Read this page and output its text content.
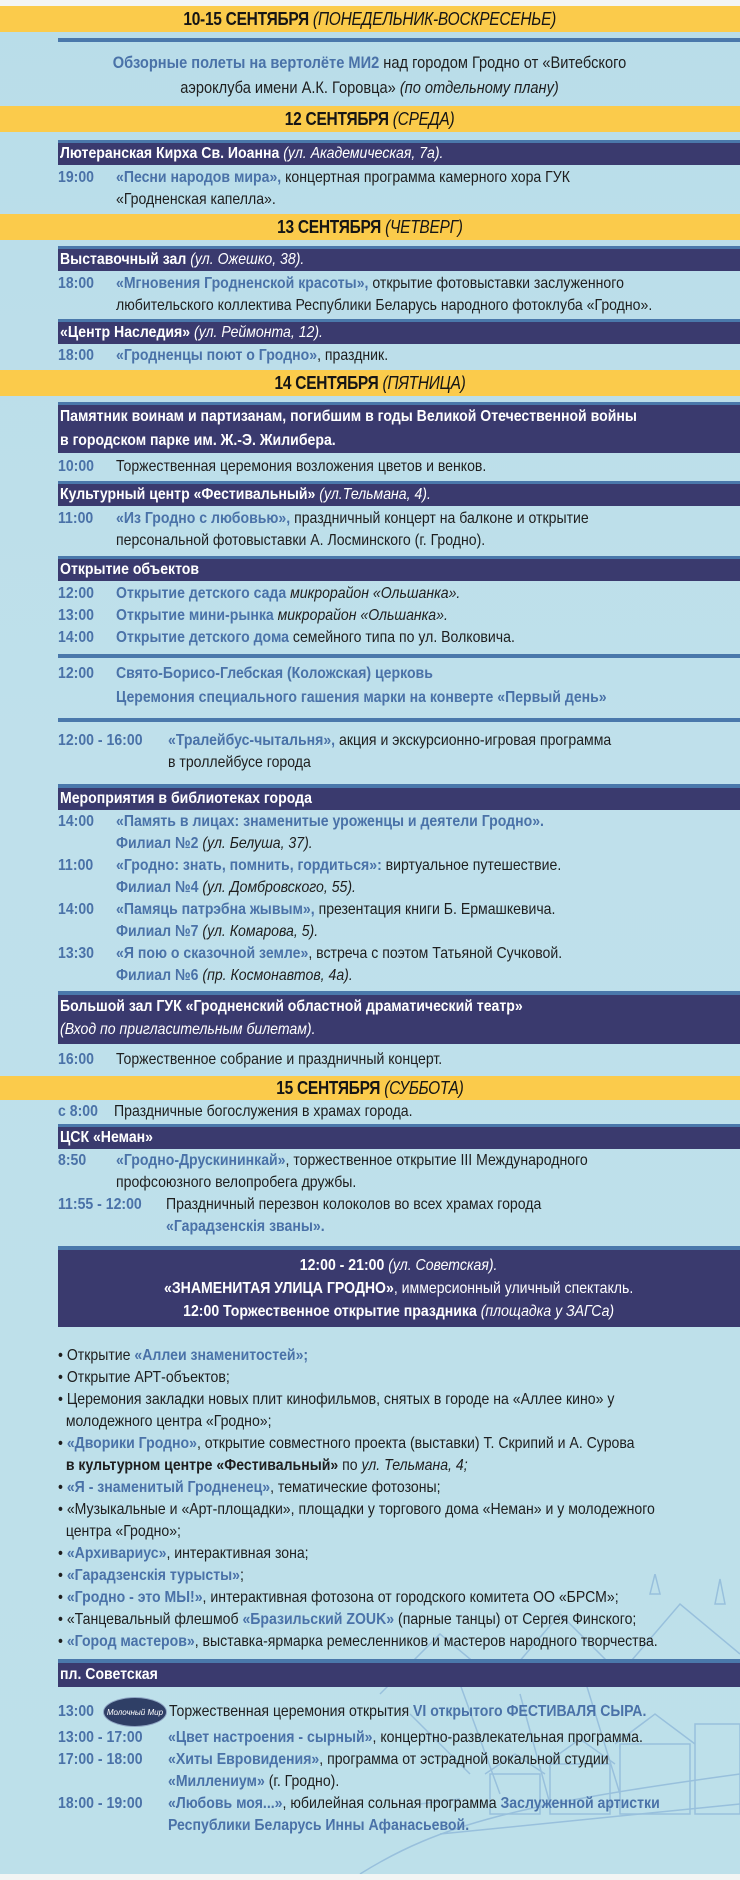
10-15 СЕНТЯБРЯ (ПОНЕДЕЛЬНИК-ВОСКРЕСЕНЬЕ)
Обзорные полеты на вертолёте МИ2 над городом Гродно от «Витебского
аэроклуба имени А.К. Горовца» (по отдельному плану)
12 СЕНТЯБРЯ (СРЕДА)
Лютеранская Кирха Св. Иоанна (ул. Академическая, 7а).
19:00	«Песни народов мира», концертная программа камерного хора ГУК
«Гродненская капелла».
13 СЕНТЯБРЯ (ЧЕТВЕРГ)
Выставочный зал (ул. Ожешко, 38).
18:00	«Мгновения Гродненской красоты», открытие фотовыставки заслуженного
любительского коллектива Республики Беларусь народного фотоклуба «Гродно».
«Центр Наследия» (ул. Реймонта, 12).
18:00	«Гродненцы поют о Гродно», праздник.
14 СЕНТЯБРЯ (ПЯТНИЦА)
Памятник воинам и партизанам, погибшим в годы Великой Отечественной войны
в городском парке им. Ж.-Э. Жилибера.
10:00	Торжественная церемония возложения цветов и венков.
Культурный центр «Фестивальный» (ул.Тельмана, 4).
11:00	«Из Гродно с любовью», праздничный концерт на балконе и открытие
персональной фотовыставки А. Лосминского (г. Гродно).
Открытие объектов
12:00	Открытие детского сада микрорайон «Ольшанка».
13:00	Открытие мини-рынка микрорайон «Ольшанка».
14:00	Открытие детского дома семейного типа по ул. Волковича.
12:00	Свято-Борисо-Глебская (Коложская) церковь
Церемония специального гашения марки на конверте «Первый день»
12:00 - 16:00	«Тралейбус-чытальня», акция и экскурсионно-игровая программа
в троллейбусе города
Мероприятия в библиотеках города
14:00	«Память в лицах: знаменитые уроженцы и деятели Гродно».
Филиал №2 (ул. Белуша, 37).
11:00	«Гродно: знать, помнить, гордиться»: виртуальное путешествие.
Филиал №4 (ул. Домбровского, 55).
14:00	«Памяць патрэбна жывым», презентация книги Б. Ермашкевича.
Филиал №7 (ул. Комарова, 5).
13:30	«Я пою о сказочной земле», встреча с поэтом Татьяной Сучковой.
Филиал №6 (пр. Космонавтов, 4а).
Большой зал ГУК «Гродненский областной драматический театр»
(Вход по пригласительным билетам).
16:00	Торжественное собрание и праздничный концерт.
15 СЕНТЯБРЯ (СУББОТА)
с 8:00	Праздничные богослужения в храмах города.
ЦСК «Неман»
8:50	«Гродно-Друскининкай», торжественное открытие III Международного
профсоюзного велопробега дружбы.
11:55 - 12:00	Праздничный перезвон колоколов во всех храмах города
«Гарадзенскія званы».
12:00 - 21:00 (ул. Советская).
«ЗНАМЕНИТАЯ УЛИЦА ГРОДНО», иммерсионный уличный спектакль.
12:00 Торжественное открытие праздника (площадка у ЗАГСа)
• Открытие «Аллеи знаменитостей»;
• Открытие АРТ-объектов;
• Церемония закладки новых плит кинофильмов, снятых в городе на «Аллее кино» у
молодежного центра «Гродно»;
• «Дворики Гродно», открытие совместного проекта (выставки) Т. Скрипий и А. Сурова
в культурном центре «Фестивальный» по ул. Тельмана, 4;
• «Я - знаменитый Гродненец», тематические фотозоны;
• «Музыкальные и «Арт-площадки», площадки у торгового дома «Неман» и у молодежного
центра «Гродно»;
• «Архивариус», интерактивная зона;
• «Гарадзенскія турысты»;
• «Гродно - это МЫ!», интерактивная фотозона от городского комитета ОО «БРСМ»;
• «Танцевальный флешмоб «Бразильский ZOUK» (парные танцы) от Сергея Финского;
• «Город мастеров», выставка-ярмарка ремесленников и мастеров народного творчества.
пл. Советская
13:00	Молочный Мир Торжественная церемония открытия VI открытого ФЕСТИВАЛЯ СЫРА.
13:00 - 17:00	«Цвет настроения - сырный», концертно-развлекательная программа.
17:00 - 18:00	«Хиты Евровидения», программа от эстрадной вокальной студии
«Миллениум» (г. Гродно).
18:00 - 19:00	«Любовь моя...», юбилейная сольная программа Заслуженной артистки
Республики Беларусь Инны Афанасьевой.
